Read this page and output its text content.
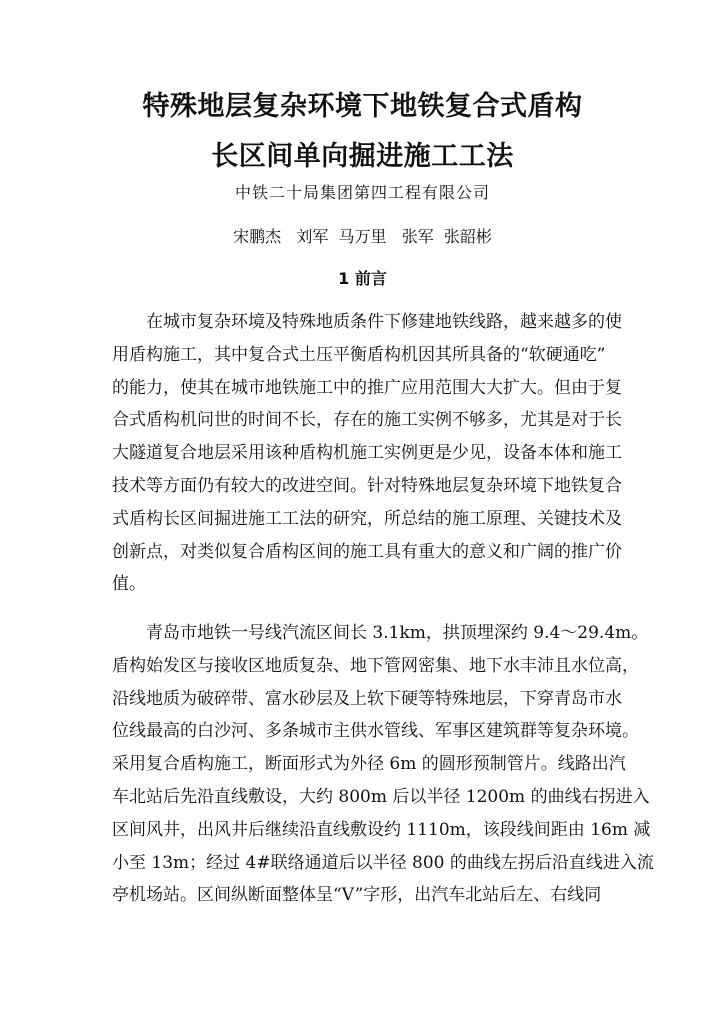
特殊地层复杂环境下地铁复合式盾构
长区间单向掘进施工工法
中铁二十局集团第四工程有限公司
宋鹏杰   刘军  马万里   张军  张韶彬
1 前言
在城市复杂环境及特殊地质条件下修建地铁线路，越来越多的使
用盾构施工，其中复合式土压平衡盾构机因其所具备的“软硬通吃”
的能力，使其在城市地铁施工中的推广应用范围大大扩大。但由于复
合式盾构机问世的时间不长，存在的施工实例不够多，尤其是对于长
大隧道复合地层采用该种盾构机施工实例更是少见，设备本体和施工
技术等方面仍有较大的改进空间。针对特殊地层复杂环境下地铁复合
式盾构长区间掘进施工工法的研究，所总结的施工原理、关键技术及
创新点，对类似复合盾构区间的施工具有重大的意义和广阔的推广价
值。
青岛市地铁一号线汽流区间长 3.1km，拱顶埋深约 9.4～29.4m。
盾构始发区与接收区地质复杂、地下管网密集、地下水丰沛且水位高，
沿线地质为破碎带、富水砂层及上软下硬等特殊地层，下穿青岛市水
位线最高的白沙河、多条城市主供水管线、军事区建筑群等复杂环境。
采用复合盾构施工，断面形式为外径 6m 的圆形预制管片。线路出汽
车北站后先沿直线敷设，大约 800m 后以半径 1200m 的曲线右拐进入
区间风井，出风井后继续沿直线敷设约 1110m，该段线间距由 16m 减
小至 13m；经过 4#联络通道后以半径 800 的曲线左拐后沿直线进入流
亭机场站。区间纵断面整体呈“V”字形，出汽车北站后左、右线同
